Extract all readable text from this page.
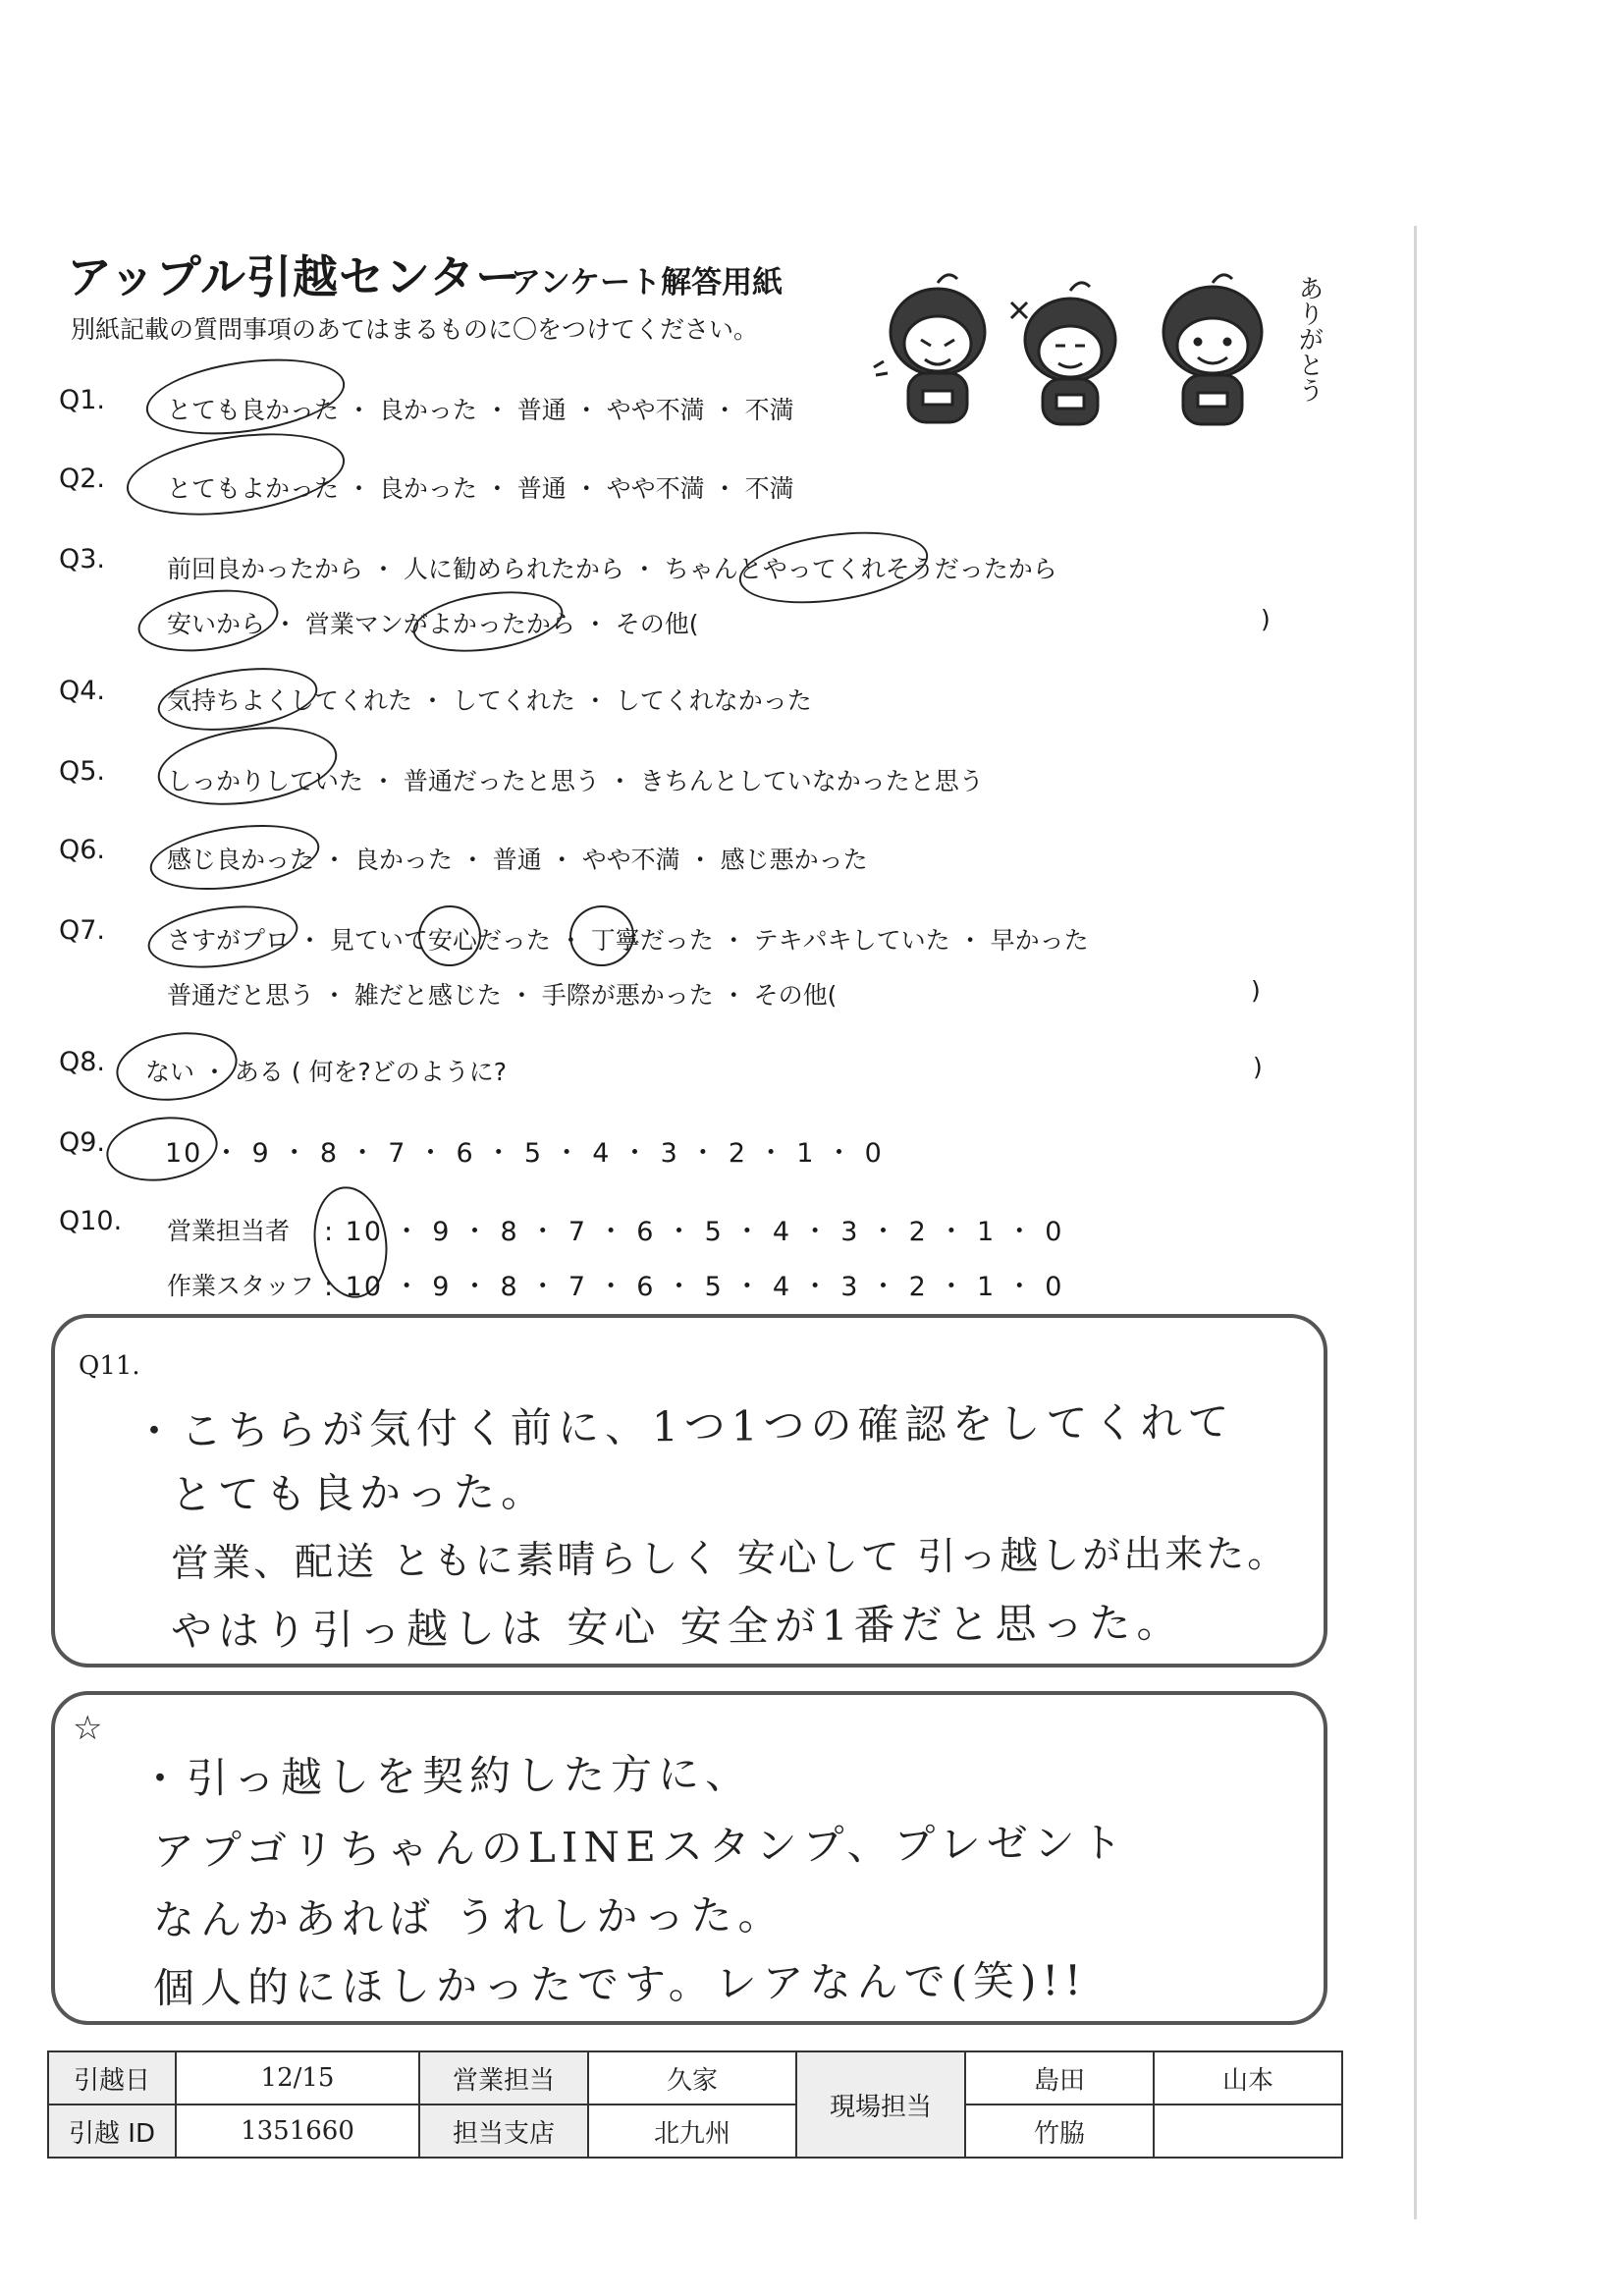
アップル引越センター
アンケート解答用紙
別紙記載の質問事項のあてはまるものに〇をつけてください。	ありがとう
Q1.	とても良かった ・ 良かった ・ 普通 ・ やや不満 ・ 不満
Q2.	とてもよかった ・ 良かった ・ 普通 ・ やや不満 ・ 不満
Q3.	前回良かったから ・ 人に勧められたから ・ ちゃんとやってくれそうだったから
安いから ・ 営業マンがよかったから ・ その他(	)
Q4.	気持ちよくしてくれた ・ してくれた ・ してくれなかった
Q5.	しっかりしていた ・ 普通だったと思う ・ きちんとしていなかったと思う
Q6.	感じ良かった ・ 良かった ・ 普通 ・ やや不満 ・ 感じ悪かった
Q7.	さすがプロ ・ 見ていて安心だった ・ 丁寧だった ・ テキパキしていた ・ 早かった
普通だと思う ・ 雑だと感じた ・ 手際が悪かった ・ その他(	)
Q8. ない ・ ある ( 何を?どのように?	)
Q9. 10 ・ 9 ・ 8 ・ 7 ・ 6 ・ 5 ・ 4 ・ 3 ・ 2 ・ 1 ・ 0
Q10. 営業担当者 : 10 ・ 9 ・ 8 ・ 7 ・ 6 ・ 5 ・ 4 ・ 3 ・ 2 ・ 1 ・ 0
作業スタッフ : 10 ・ 9 ・ 8 ・ 7 ・ 6 ・ 5 ・ 4 ・ 3 ・ 2 ・ 1 ・ 0
Q11.
・こちらが気付く前に、1つ1つの確認をしてくれて
とても良かった。
営業、配送 ともに素晴らしく 安心して 引っ越しが出来た。
やはり引っ越しは 安心 安全が1番だと思った。
☆
・引っ越しを契約した方に、
アプゴリちゃんのLINEスタンプ、プレゼント
なんかあれば うれしかった。
個人的にほしかったです。レアなんで(笑)!!
引越日	12/15	営業担当	久家	現場担当	島田	山本
引越 ID	1351660	担当支店	北九州		竹脇	
